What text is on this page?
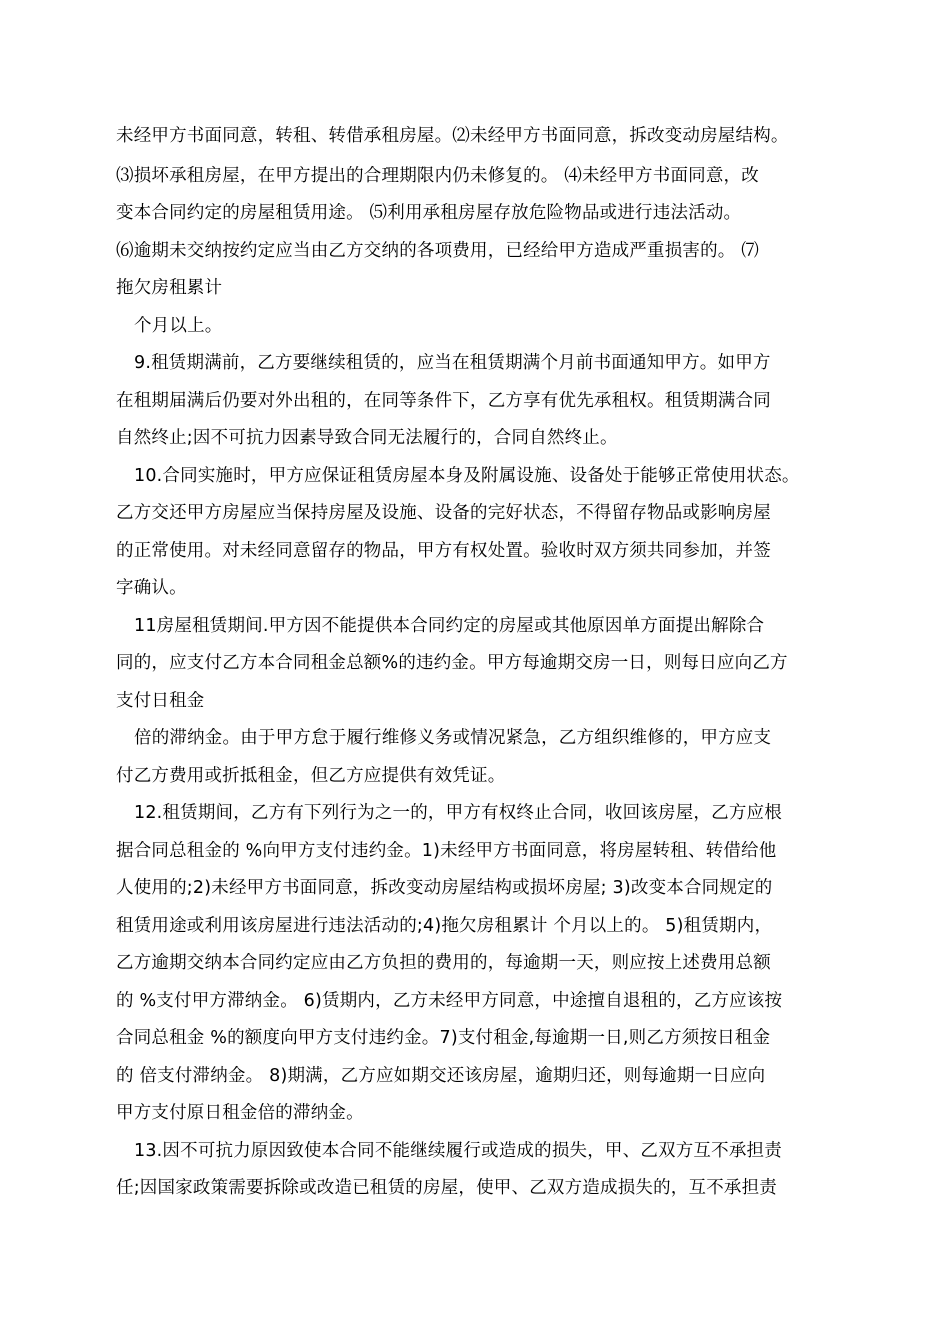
未经甲方书面同意，转租、转借承租房屋。⑵未经甲方书面同意，拆改变动房屋结构。
⑶损坏承租房屋，在甲方提出的合理期限内仍未修复的。 ⑷未经甲方书面同意，改
变本合同约定的房屋租赁用途。 ⑸利用承租房屋存放危险物品或进行违法活动。
⑹逾期未交纳按约定应当由乙方交纳的各项费用，已经给甲方造成严重损害的。 ⑺
拖欠房租累计
个月以上。
9.租赁期满前，乙方要继续租赁的，应当在租赁期满个月前书面通知甲方。如甲方
在租期届满后仍要对外出租的，在同等条件下，乙方享有优先承租权。租赁期满合同
自然终止;因不可抗力因素导致合同无法履行的，合同自然终止。
10.合同实施时，甲方应保证租赁房屋本身及附属设施、设备处于能够正常使用状态。
乙方交还甲方房屋应当保持房屋及设施、设备的完好状态，不得留存物品或影响房屋
的正常使用。对未经同意留存的物品，甲方有权处置。验收时双方须共同参加，并签
字确认。
11房屋租赁期间.甲方因不能提供本合同约定的房屋或其他原因单方面提出解除合
同的，应支付乙方本合同租金总额%的违约金。甲方每逾期交房一日，则每日应向乙方
支付日租金
倍的滞纳金。由于甲方怠于履行维修义务或情况紧急，乙方组织维修的，甲方应支
付乙方费用或折抵租金，但乙方应提供有效凭证。
12.租赁期间，乙方有下列行为之一的，甲方有权终止合同，收回该房屋，乙方应根
据合同总租金的 %向甲方支付违约金。1)未经甲方书面同意，将房屋转租、转借给他
人使用的;2)未经甲方书面同意，拆改变动房屋结构或损坏房屋; 3)改变本合同规定的
租赁用途或利用该房屋进行违法活动的;4)拖欠房租累计 个月以上的。 5)租赁期内，
乙方逾期交纳本合同约定应由乙方负担的费用的，每逾期一天，则应按上述费用总额
的 %支付甲方滞纳金。 6)赁期内，乙方未经甲方同意，中途擅自退租的，乙方应该按
合同总租金 %的额度向甲方支付违约金。7)支付租金,每逾期一日,则乙方须按日租金
的 倍支付滞纳金。 8)期满，乙方应如期交还该房屋，逾期归还，则每逾期一日应向
甲方支付原日租金倍的滞纳金。
13.因不可抗力原因致使本合同不能继续履行或造成的损失，甲、乙双方互不承担责
任;因国家政策需要拆除或改造已租赁的房屋，使甲、乙双方造成损失的，互不承担责
